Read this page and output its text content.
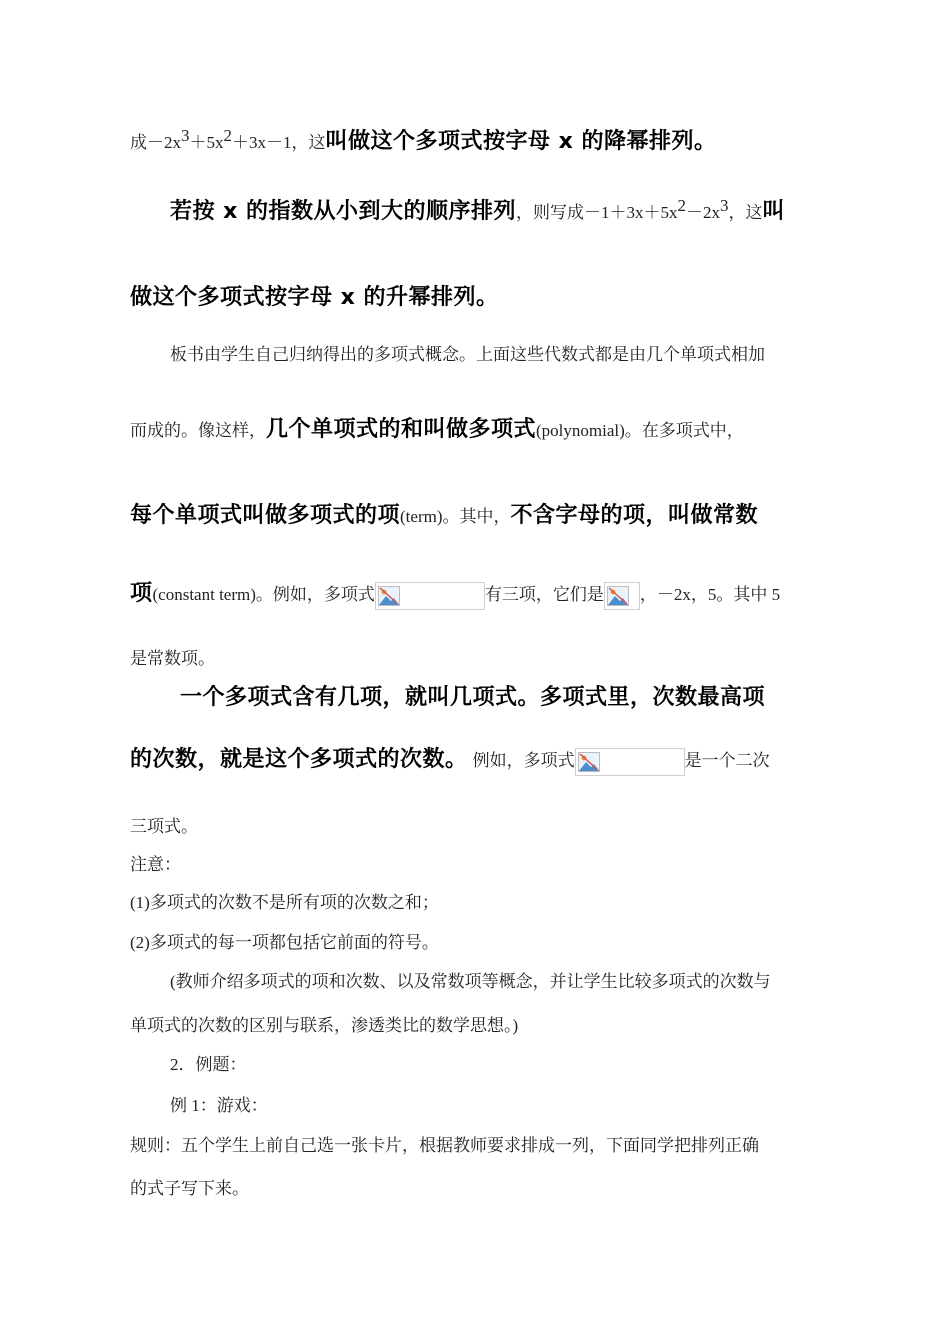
成$-2x^3+5x^2+3x-1$，这叫做这个多项式按字母 x 的降幂排列。
若按 x 的指数从小到大的顺序排列，则写成$-1+3x+5x^2-2x^3$，这叫
做这个多项式按字母 x 的升幂排列。
板书由学生自己归纳得出的多项式概念。上面这些代数式都是由几个单项式相加
而成的。像这样，几个单项式的和叫做多项式(polynomial)。在多项式中，
每个单项式叫做多项式的项(term)。其中，不含字母的项，叫做常数
项(constant term)。例如，多项式	有三项，它们是 ，－2x，5。其中 5
是常数项。
一个多项式含有几项，就叫几项式。多项式里，次数最高项
的次数，就是这个多项式的次数。 例如，多项式	是一个二次
三项式。
注意：
(1)多项式的次数不是所有项的次数之和；
(2)多项式的每一项都包括它前面的符号。
(教师介绍多项式的项和次数、以及常数项等概念，并让学生比较多项式的次数与
单项式的次数的区别与联系，渗透类比的数学思想。)
2．例题：
例 1：游戏：
规则：五个学生上前自己选一张卡片，根据教师要求排成一列，下面同学把排列正确
的式子写下来。
